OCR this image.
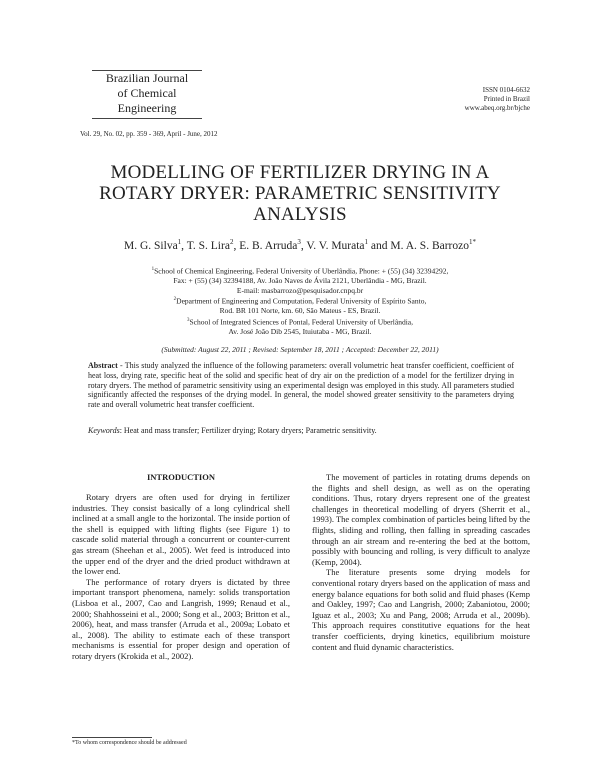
Brazilian Journal
of Chemical
Engineering
ISSN 0104-6632
Printed in Brazil
www.abeq.org.br/bjche
Vol. 29, No. 02, pp. 359 - 369, April - June, 2012
MODELLING OF FERTILIZER DRYING IN A
ROTARY DRYER: PARAMETRIC SENSITIVITY
ANALYSIS
M. G. Silva$^1$, T. S. Lira$^2$, E. B. Arruda$^3$, V. V. Murata$^1$ and M. A. S. Barrozo$^{1*}$
$^1$School of Chemical Engineering, Federal University of Uberlândia, Phone: + (55) (34) 32394292,
Fax: + (55) (34) 32394188, Av. João Naves de Ávila 2121, Uberlândia - MG, Brazil.
E-mail: masbarrozo@pesquisador.cnpq.br
$^2$Department of Engineering and Computation, Federal University of Espírito Santo,
Rod. BR 101 Norte, km. 60, São Mateus - ES, Brazil.
$^3$School of Integrated Sciences of Pontal, Federal University of Uberlândia,
Av. José João Dib 2545, Ituiutaba - MG, Brazil.
(Submitted: August 22, 2011 ; Revised: September 18, 2011 ; Accepted: December 22, 2011)
Abstract - This study analyzed the influence of the following parameters: overall volumetric heat transfer coefficient, coefficient of heat loss, drying rate, specific heat of the solid and specific heat of dry air on the prediction of a model for the fertilizer drying in rotary dryers. The method of parametric sensitivity using an experimental design was employed in this study. All parameters studied significantly affected the responses of the drying model. In general, the model showed greater sensitivity to the parameters drying rate and overall volumetric heat transfer coefficient.
Keywords: Heat and mass transfer; Fertilizer drying; Rotary dryers; Parametric sensitivity.
INTRODUCTION

Rotary dryers are often used for drying in fertilizer industries. They consist basically of a long cylindrical shell inclined at a small angle to the horizontal. The inside portion of the shell is equipped with lifting flights (see Figure 1) to cascade solid material through a concurrent or counter-current gas stream (Sheehan et al., 2005). Wet feed is introduced into the upper end of the dryer and the dried product withdrawn at the lower end.

The performance of rotary dryers is dictated by three important transport phenomena, namely: solids transportation (Lisboa et al., 2007, Cao and Langrish, 1999; Renaud et al., 2000; Shahhosseini et al., 2000; Song et al., 2003; Britton et al., 2006), heat, and mass transfer (Arruda et al., 2009a; Lobato et al., 2008). The ability to estimate each of these transport mechanisms is essential for proper design and operation of rotary dryers (Krokida et al., 2002).

The movement of particles in rotating drums depends on the flights and shell design, as well as on the operating conditions. Thus, rotary dryers represent one of the greatest challenges in theoretical modelling of dryers (Sherrit et al., 1993). The complex combination of particles being lifted by the flights, sliding and rolling, then falling in spreading cascades through an air stream and re-entering the bed at the bottom, possibly with bouncing and rolling, is very difficult to analyze (Kemp, 2004).

The literature presents some drying models for conventional rotary dryers based on the application of mass and energy balance equations for both solid and fluid phases (Kemp and Oakley, 1997; Cao and Langrish, 2000; Zabaniotou, 2000; Iguaz et al., 2003; Xu and Pang, 2008; Arruda et al., 2009b). This approach requires constitutive equations for the heat transfer coefficients, drying kinetics, equilibrium moisture content and fluid dynamic characteristics.

*To whom correspondence should be addressed
